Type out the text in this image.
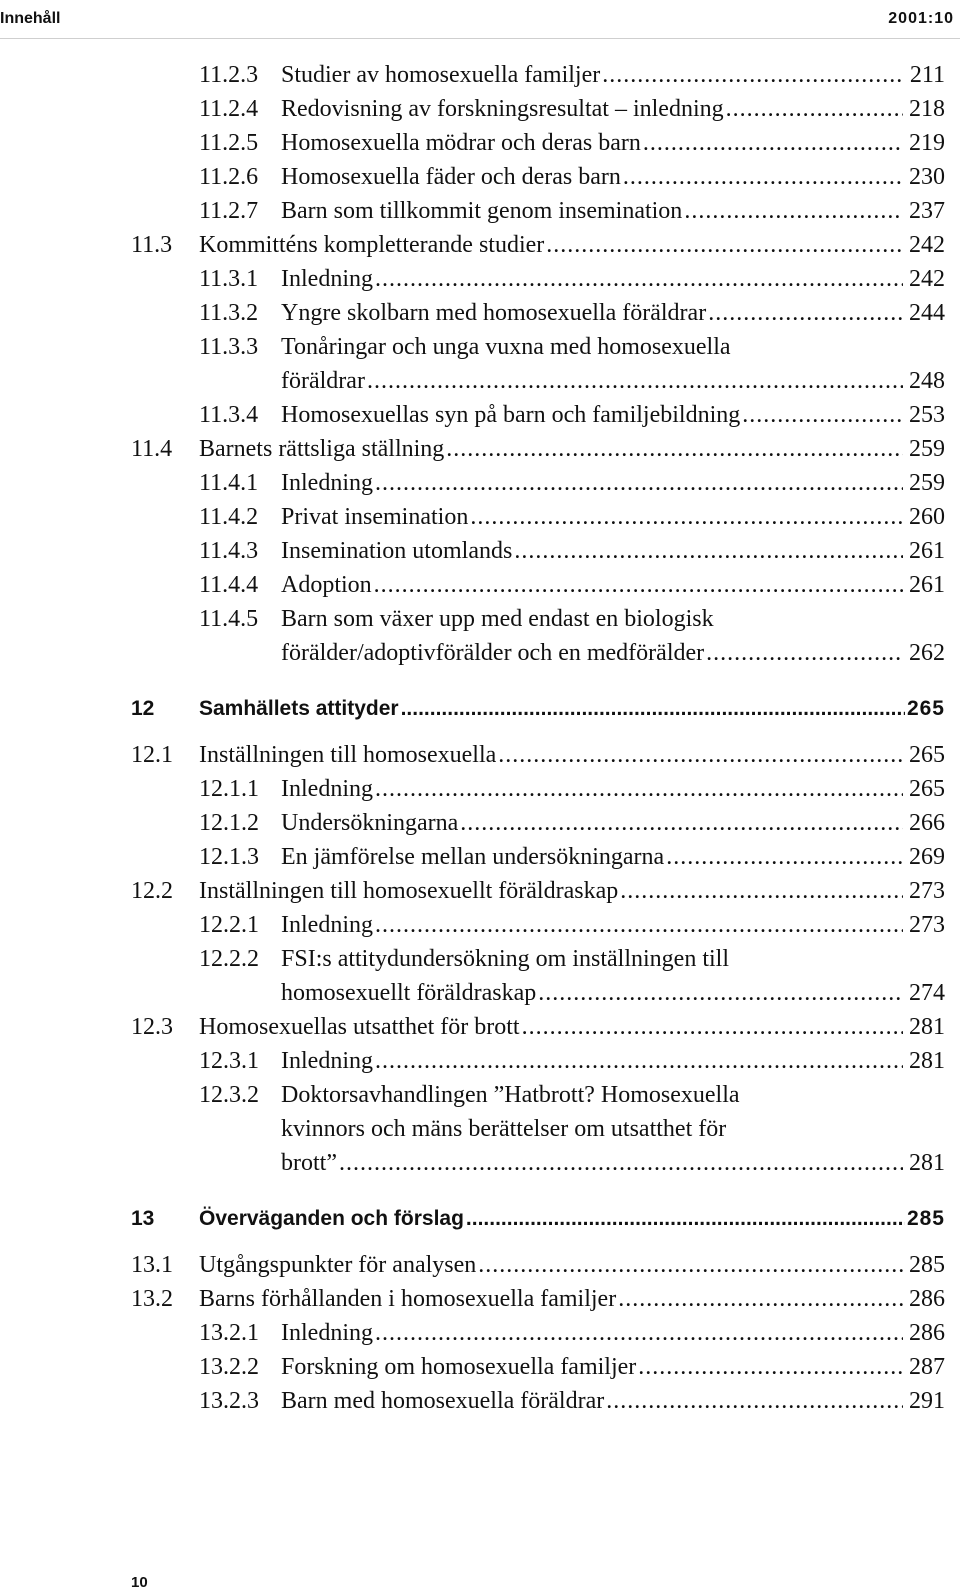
Innehåll	2001:10
11.2.3 Studier av homosexuella familjer .....	211
11.2.4 Redovisning av forskningsresultat – inledning .....	218
11.2.5 Homosexuella mödrar och deras barn .....	219
11.2.6 Homosexuella fäder och deras barn .....	230
11.2.7 Barn som tillkommit genom insemination .....	237
11.3 Kommitténs kompletterande studier .....	242
11.3.1 Inledning .....	242
11.3.2 Yngre skolbarn med homosexuella föräldrar .....	244
11.3.3 Tonåringar och unga vuxna med homosexuella
föräldrar .....	248
11.3.4 Homosexuellas syn på barn och familjebildning .....	253
11.4 Barnets rättsliga ställning .....	259
11.4.1 Inledning .....	259
11.4.2 Privat insemination .....	260
11.4.3 Insemination utomlands .....	261
11.4.4 Adoption .....	261
11.4.5 Barn som växer upp med endast en biologisk
förälder/adoptivförälder och en medförälder .....	262
12 Samhällets attityder .....	265
12.1 Inställningen till homosexuella .....	265
12.1.1 Inledning .....	265
12.1.2 Undersökningarna .....	266
12.1.3 En jämförelse mellan undersökningarna .....	269
12.2 Inställningen till homosexuellt föräldraskap .....	273
12.2.1 Inledning .....	273
12.2.2 FSI:s attitydundersökning om inställningen till
homosexuellt föräldraskap .....	274
12.3 Homosexuellas utsatthet för brott .....	281
12.3.1 Inledning .....	281
12.3.2 Doktorsavhandlingen ”Hatbrott? Homosexuella
kvinnors och mäns berättelser om utsatthet för
brott” .....	281
13 Överväganden och förslag .....	285
13.1 Utgångspunkter för analysen .....	285
13.2 Barns förhållanden i homosexuella familjer .....	286
13.2.1 Inledning .....	286
13.2.2 Forskning om homosexuella familjer .....	287
13.2.3 Barn med homosexuella föräldrar .....	291
10
